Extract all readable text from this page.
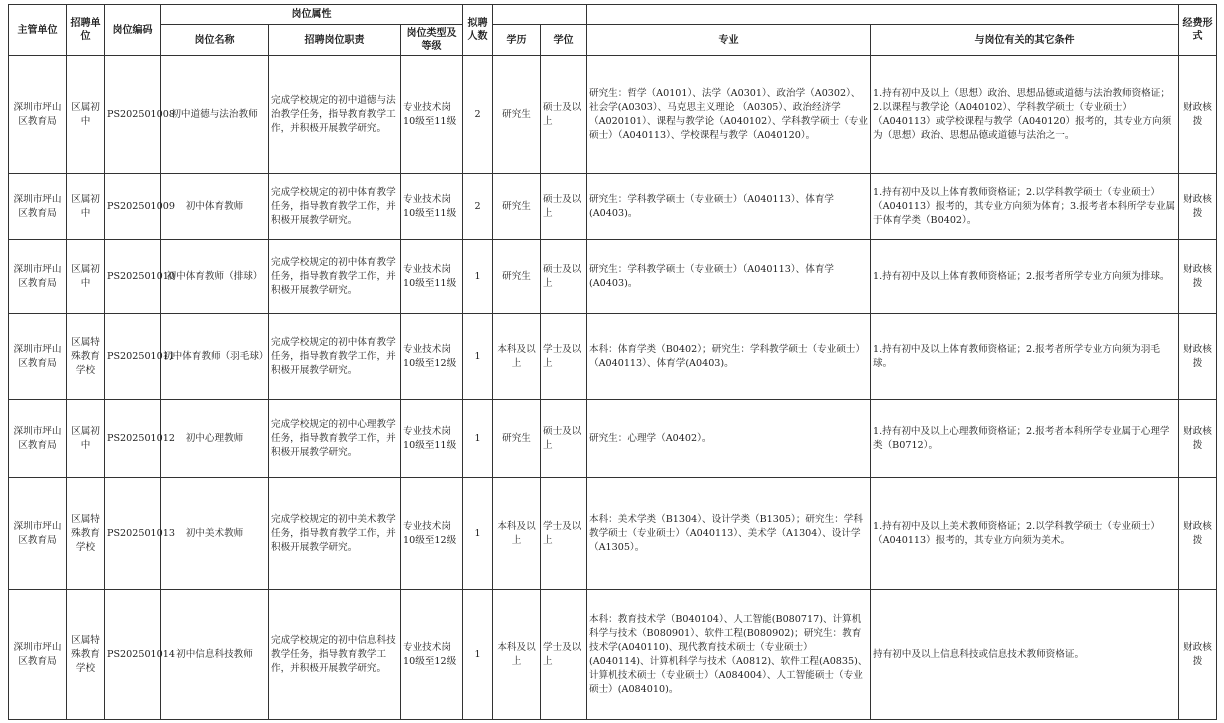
主管单位	招聘单位	岗位编码	岗位属性			拟聘人数					经费形式
			岗位名称	招聘岗位职责	岗位类型及等级		学历	学位	专业	与岗位有关的其它条件	
深圳市坪山区教育局	区属初中	PS202501008	初中道德与法治教师	完成学校规定的初中道德与法治教学任务，指导教育教学工作，并积极开展教学研究。	专业技术岗10级至11级	2	研究生	硕士及以上	研究生：哲学（A0101）、法学（A0301）、政治学（A0302）、社会学(A0303）、马克思主义理论 （A0305）、政治经济学（A020101）、课程与教学论（A040102）、学科教学硕士（专业硕士）（A040113）、学校课程与教学（A040120）。	1.持有初中及以上（思想）政治、思想品德或道德与法治教师资格证；2.以课程与教学论（A040102）、学科教学硕士（专业硕士）（A040113）或学校课程与教学（A040120）报考的，其专业方向须为（思想）政治、思想品德或道德与法治之一。	财政核拨
深圳市坪山区教育局	区属初中	PS202501009	初中体育教师	完成学校规定的初中体育教学任务，指导教育教学工作，并积极开展教学研究。	专业技术岗10级至11级	2	研究生	硕士及以上	研究生：学科教学硕士（专业硕士）（A040113）、体育学(A0403)。	1.持有初中及以上体育教师资格证；2.以学科教学硕士（专业硕士）（A040113）报考的，其专业方向须为体育；3.报考者本科所学专业属于体育学类（B0402）。	财政核拨
深圳市坪山区教育局	区属初中	PS202501010	初中体育教师（排球）	完成学校规定的初中体育教学任务，指导教育教学工作，并积极开展教学研究。	专业技术岗10级至11级	1	研究生	硕士及以上	研究生：学科教学硕士（专业硕士）（A040113）、体育学(A0403)。	1.持有初中及以上体育教师资格证；2.报考者所学专业方向须为排球。	财政核拨
深圳市坪山区教育局	区属特殊教育学校	PS202501011	初中体育教师（羽毛球）	完成学校规定的初中体育教学任务，指导教育教学工作，并积极开展教学研究。	专业技术岗10级至12级	1	本科及以上	学士及以上	本科：体育学类（B0402）；研究生：学科教学硕士（专业硕士）（A040113）、体育学(A0403)。	1.持有初中及以上体育教师资格证；2.报考者所学专业方向须为羽毛球。	财政核拨
深圳市坪山区教育局	区属初中	PS202501012	初中心理教师	完成学校规定的初中心理教学任务，指导教育教学工作，并积极开展教学研究。	专业技术岗10级至11级	1	研究生	硕士及以上	研究生：心理学（A0402）。	1.持有初中及以上心理教师资格证；2.报考者本科所学专业属于心理学类（B0712）。	财政核拨
深圳市坪山区教育局	区属特殊教育学校	PS202501013	初中美术教师	完成学校规定的初中美术教学任务，指导教育教学工作，并积极开展教学研究。	专业技术岗10级至12级	1	本科及以上	学士及以上	本科：美术学类（B1304）、设计学类（B1305）；研究生：学科教学硕士（专业硕士）（A040113）、美术学（A1304）、设计学（A1305）。	1.持有初中及以上美术教师资格证；2.以学科教学硕士（专业硕士）（A040113）报考的，其专业方向须为美术。	财政核拨
深圳市坪山区教育局	区属特殊教育学校	PS202501014	初中信息科技教师	完成学校规定的初中信息科技教学任务，指导教育教学工作，并积极开展教学研究。	专业技术岗10级至12级	1	本科及以上	学士及以上	本科：教育技术学（B040104）、人工智能(B080717)、计算机科学与技术（B080901）、软件工程(B080902)；研究生：教育技术学(A040110)、现代教育技术硕士（专业硕士）(A040114)、计算机科学与技术（A0812)、软件工程(A0835)、计算机技术硕士（专业硕士）（A084004）、人工智能硕士（专业硕士）(A084010)。	持有初中及以上信息科技或信息技术教师资格证。	财政核拨
